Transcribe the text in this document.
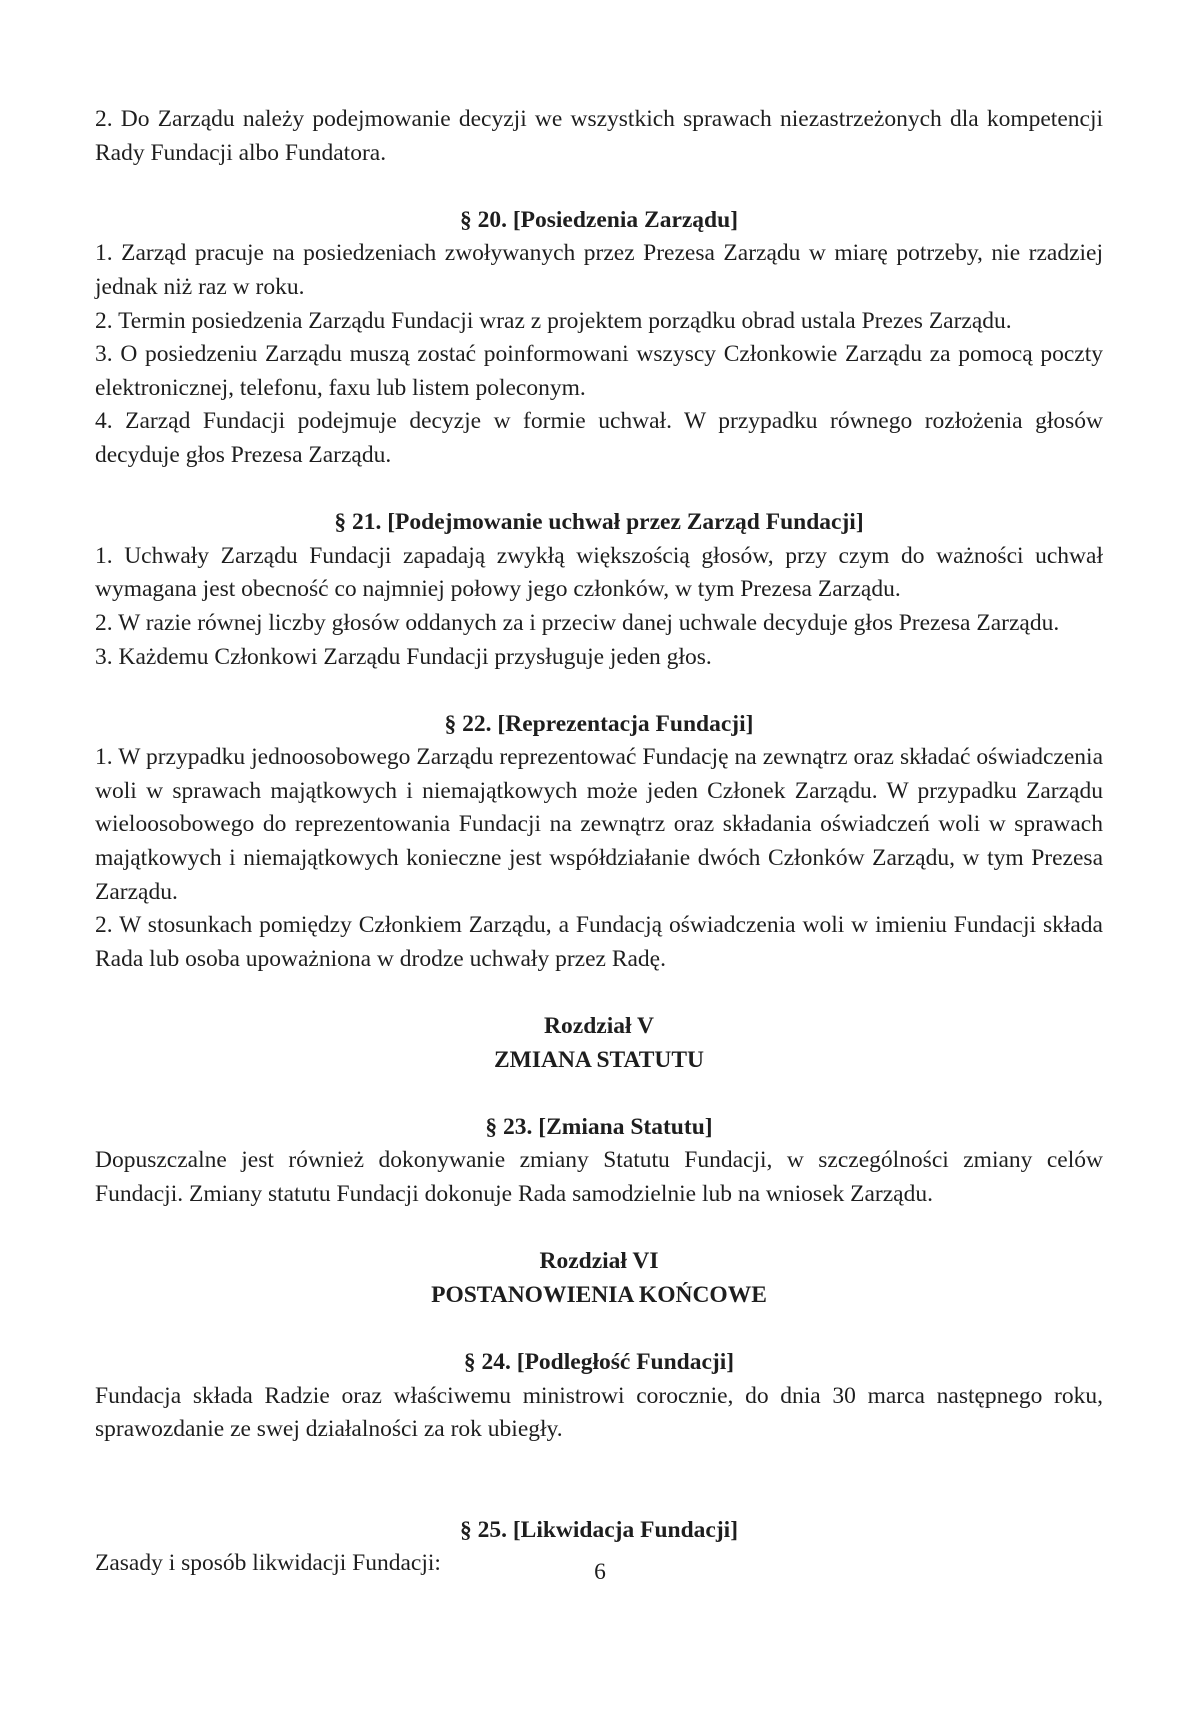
2. Do Zarządu należy podejmowanie decyzji we wszystkich sprawach niezastrzeżonych dla kompetencji Rady Fundacji albo Fundatora.

§ 20. [Posiedzenia Zarządu]

1. Zarząd pracuje na posiedzeniach zwoływanych przez Prezesa Zarządu w miarę potrzeby, nie rzadziej jednak niż raz w roku.

2. Termin posiedzenia Zarządu Fundacji wraz z projektem porządku obrad ustala Prezes Zarządu.

3. O posiedzeniu Zarządu muszą zostać poinformowani wszyscy Członkowie Zarządu za pomocą poczty elektronicznej, telefonu, faxu lub listem poleconym.

4. Zarząd Fundacji podejmuje decyzje w formie uchwał. W przypadku równego rozłożenia głosów decyduje głos Prezesa Zarządu.

§ 21. [Podejmowanie uchwał przez Zarząd Fundacji]

1. Uchwały Zarządu Fundacji zapadają zwykłą większością głosów, przy czym do ważności uchwał wymagana jest obecność co najmniej połowy jego członków, w tym Prezesa Zarządu.

2. W razie równej liczby głosów oddanych za i przeciw danej uchwale decyduje głos Prezesa Zarządu.

3. Każdemu Członkowi Zarządu Fundacji przysługuje jeden głos.

§ 22. [Reprezentacja Fundacji]

1. W przypadku jednoosobowego Zarządu reprezentować Fundację na zewnątrz oraz składać oświadczenia woli w sprawach majątkowych i niemajątkowych może jeden Członek Zarządu. W przypadku Zarządu wieloosobowego do reprezentowania Fundacji na zewnątrz oraz składania oświadczeń woli w sprawach majątkowych i niemajątkowych konieczne jest współdziałanie dwóch Członków Zarządu, w tym Prezesa Zarządu.

2. W stosunkach pomiędzy Członkiem Zarządu, a Fundacją oświadczenia woli w imieniu Fundacji składa Rada lub osoba upoważniona w drodze uchwały przez Radę.

Rozdział V

ZMIANA STATUTU

§ 23. [Zmiana Statutu]

Dopuszczalne jest również dokonywanie zmiany Statutu Fundacji, w szczególności zmiany celów Fundacji. Zmiany statutu Fundacji dokonuje Rada samodzielnie lub na wniosek Zarządu.

Rozdział VI

POSTANOWIENIA KOŃCOWE

§ 24. [Podległość Fundacji]

Fundacja składa Radzie oraz właściwemu ministrowi corocznie, do dnia 30 marca następnego roku, sprawozdanie ze swej działalności za rok ubiegły.

§ 25. [Likwidacja Fundacji]

Zasady i sposób likwidacji Fundacji:	6
